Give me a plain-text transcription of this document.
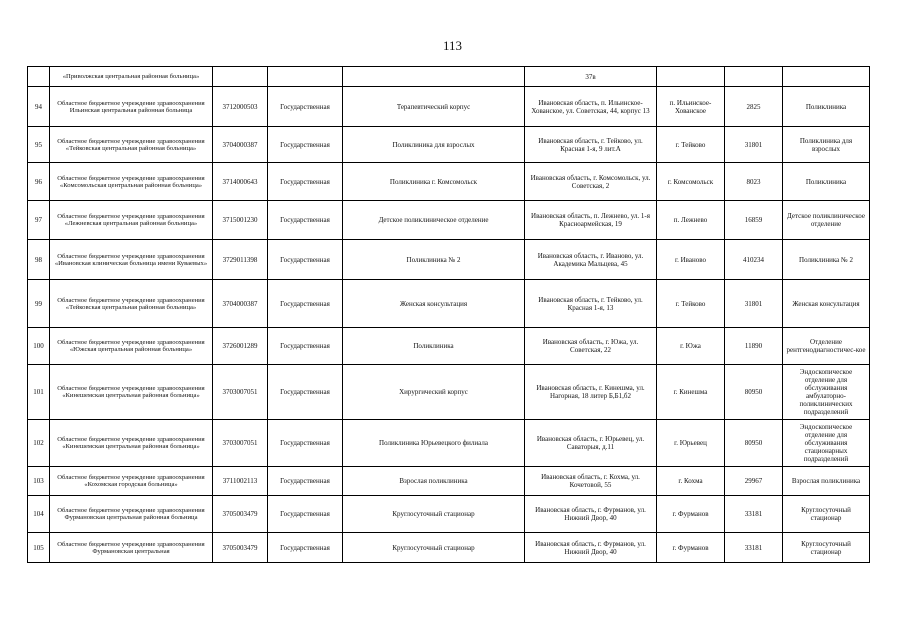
113
	«Приволжская центральная районная больница»				37в			
94	Областное бюджетное учреждение здравоохранения Ильинская центральная районная больница	3712000503	Государственная	Терапевтический корпус	Ивановская область, п. Ильинское-Хованское, ул. Советская, 44, корпус 13	п. Ильинское-Хованское	2825	Поликлиника
95	Областное бюджетное учреждение здравоохранения «Тейковская центральная районная больница»	3704000387	Государственная	Поликлиника для взрослых	Ивановская область, г. Тейково, ул. Красная 1-я, 9 лит.А	г. Тейково	31801	Поликлиника для взрослых
96	Областное бюджетное учреждение здравоохранения «Комсомольская центральная районная больница»	3714000643	Государственная	Поликлиника г. Комсомольск	Ивановская область, г. Комсомольск, ул. Советская, 2	г. Комсомольск	8023	Поликлиника
97	Областное бюджетное учреждение здравоохранения «Лежневская центральная районная больница»	3715001230	Государственная	Детское поликлиническое отделение	Ивановская область, п. Лежнево, ул. 1-я Красноармейская, 19	п. Лежнево	16859	Детское поликлиническое отделение
98	Областное бюджетное учреждение здравоохранения «Ивановская клиническая больница имени Куваевых»	3729011398	Государственная	Поликлиника № 2	Ивановская область, г. Иваново, ул. Академика Мальцева, 45	г. Иваново	410234	Поликлиника № 2
99	Областное бюджетное учреждение здравоохранения «Тейковская центральная районная больница»	3704000387	Государственная	Женская консультация	Ивановская область, г. Тейково, ул. Красная 1-я, 13	г. Тейково	31801	Женская консультация
100	Областное бюджетное учреждение здравоохранения «Южская центральная районная больница»	3726001289	Государственная	Поликлиника	Ивановская область, г. Южа, ул. Советская, 22	г. Южа	11890	Отделение рентгенодиагностичес-кое
101	Областное бюджетное учреждение здравоохранения «Кинешемская центральная районная больница»	3703007051	Государственная	Хирургический корпус	Ивановская область, г. Кинешма, ул. Нагорная, 18 литер Б,Б1,б2	г. Кинешма	80950	Эндоскопическое отделение для обслуживания амбулаторно-поликлинических подразделений
102	Областное бюджетное учреждение здравоохранения «Кинешемская центральная районная больница»	3703007051	Государственная	Поликлиника Юрьевецкого филиала	Ивановская область, г. Юрьевец, ул. Саваторыя, д.11	г. Юрьевец	80950	Эндоскопическое отделение для обслуживания стационарных подразделений
103	Областное бюджетное учреждение здравоохранения «Кохомская городская больница»	3711002113	Государственная	Взрослая поликлиника	Ивановская область, г. Кохма, ул. Кочетовой, 55	г. Кохма	29967	Взрослая поликлиника
104	Областное бюджетное учреждение здравоохранения Фурмановская центральная районная больница	3705003479	Государственная	Круглосуточный стационар	Ивановская область, г. Фурманов, ул. Нижний Двор, 40	г. Фурманов	33181	Круглосуточный стационар
105	Областное бюджетное учреждение здравоохранения Фурмановская центральная	3705003479	Государственная	Круглосуточный стационар	Ивановская область, г. Фурманов, ул. Нижний Двор, 40	г. Фурманов	33181	Круглосуточный стационар
